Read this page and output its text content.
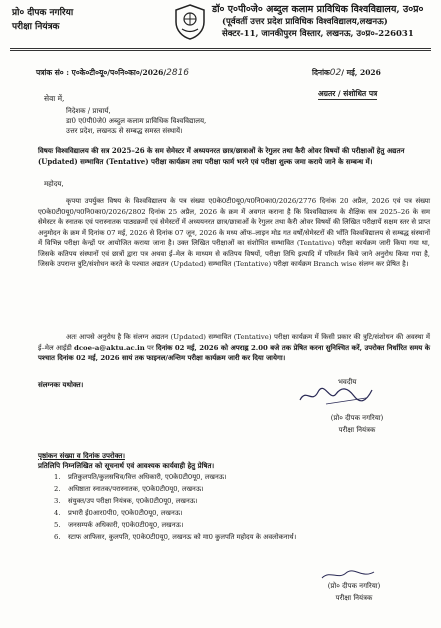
प्रो० दीपक नगरिया
परीक्षा नियंत्रक
डॉ० ए०पी०जे० अब्दुल कलाम प्राविधिक विश्वविद्यालय, उ०प्र०
(पूर्ववर्ती उत्तर प्रदेश प्राविधिक विश्वविद्यालय,लखनऊ)
सेक्टर-11, जानकीपुरम विस्तार, लखनऊ, उ०प्र०-226031
पत्रांक सं० : ए०के०टी०यू०/प०नि०का०/2026/2816	दिनांक02/ मई, 2026
सेवा में,
अग्रतर / संशोधित पत्र
निदेशक / प्राचार्य,
डा0 ए0पी0जे0 अब्दुल कलाम प्राविधिक विश्वविद्यालय,
उत्तर प्रदेश, लखनऊ से सम्बद्ध समस्त संस्थायें।
विषयः विश्वविद्यालय की सत्र 2025–26 के सम सेमेस्टर में अध्ययनरत छात्र/छात्राओं के रेगुलर तथा कैरी ओवर विषयों की परीक्षाओं हेतु अद्यतन (Updated) सम्भावित (Tentative) परीक्षा कार्यक्रम तथा परीक्षा फार्म भरने एवं परीक्षा शुल्क जमा कराये जाने के सम्बन्ध में।
महोदय,
कृपया उपर्युक्त विषय के विश्वविद्यालय के पत्र संख्या ए0के0टी0यू0/प0नि0का0/2026/2776 दिनांक 20 अप्रैल, 2026 एवं पत्र संख्या ए0के0टी0यू0/प0नि0का0/2026/2802 दिनांक 25 अप्रैल, 2026 के क्रम में अवगत कराना है कि विश्वविद्यालय के शैक्षिक सत्र 2025–26 के सम सेमेस्टर के स्नातक एवं परास्नातक पाठ्यक्रमों एवं सेमेस्टरों में अध्ययनरत छात्र/छात्राओं के रेगुलर तथा कैरी ओवर विषयों की लिखित परीक्षायें सक्षम स्तर से प्राप्त अनुमोदन के क्रम में दिनांक 07 मई, 2026 से दिनांक 07 जून, 2026 के मध्य ऑफ–लाइन मोड गत वर्षों/सेमेस्टरों की भाँति विश्वविद्यालय से सम्बद्ध संस्थानों में विभिन्न परीक्षा केन्द्रों पर आयोजित कराया जाना है। उक्त लिखित परीक्षाओं का संशोधित सम्भावित (Tentative) परीक्षा कार्यक्रम जारी किया गया था, जिसके कतिपय संस्थानों एवं छात्रों द्वारा पत्र अथवा ई–मेल के माध्यम से कतिपय विषयों, परीक्षा तिथि इत्यादि में परिवर्तन किये जाने अनुरोध किया गया है, जिसके उपरान्त त्रुटि/संशोधन करते के पश्चात अद्यतन (Updated) सम्भावित (Tentative) परीक्षा कार्यक्रम Branch wise संलग्न कर प्रेषित है।
अतः आपसे अनुरोध है कि संलग्न अद्यतन (Updated) सम्भावित (Tentative) परीक्षा कार्यक्रम में किसी प्रकार की त्रुटि/संशोधन की अवस्था में ई–मेल आईडी dcoe-a@aktu.ac.in पर दिनांक 02 मई, 2026 को अपराह्न 2.00 बजे तक प्रेषित करना सुनिश्चित करें, उपरोक्त निर्धारित समय के पश्चात दिनांक 02 मई, 2026 सायं तक फाइनल/अन्तिम परीक्षा कार्यक्रम जारी कर दिया जायेगा।
भवदीय
संलग्नकः यथोक्त।
(प्रो० दीपक नगरिया)
परीक्षा नियंत्रक
पृष्ठांकन संख्या व दिनांक उपरोक्त।
प्रतिलिपि निम्नलिखित को सूचनार्थ एवं आवश्यक कार्यवाही हेतु प्रेषित।
1. प्रतिकुलपति/कुलसचिव/वित्त अधिकारी, ए0के0टी0यू0, लखनऊ।
2. अधिष्ठाता स्नातक/परास्नातक, ए0के0टी0यू0, लखनऊ।
3. संयुक्त/उप परीक्षा नियंत्रक, ए0के0टी0यू0, लखनऊ।
4. प्रभारी ई0आर0पी0, ए0के0टी0यू0, लखनऊ।
5. जनसम्पर्क अधिकारी, ए0के0टी0यू0, लखनऊ।
6. स्टाफ आफिसर, कुलपति, ए0के0टी0यू0, लखनऊ को मा0 कुलपति महोदय के अवलोकनार्थ।
(प्रो० दीपक नगरिया)
परीक्षा नियंत्रक
